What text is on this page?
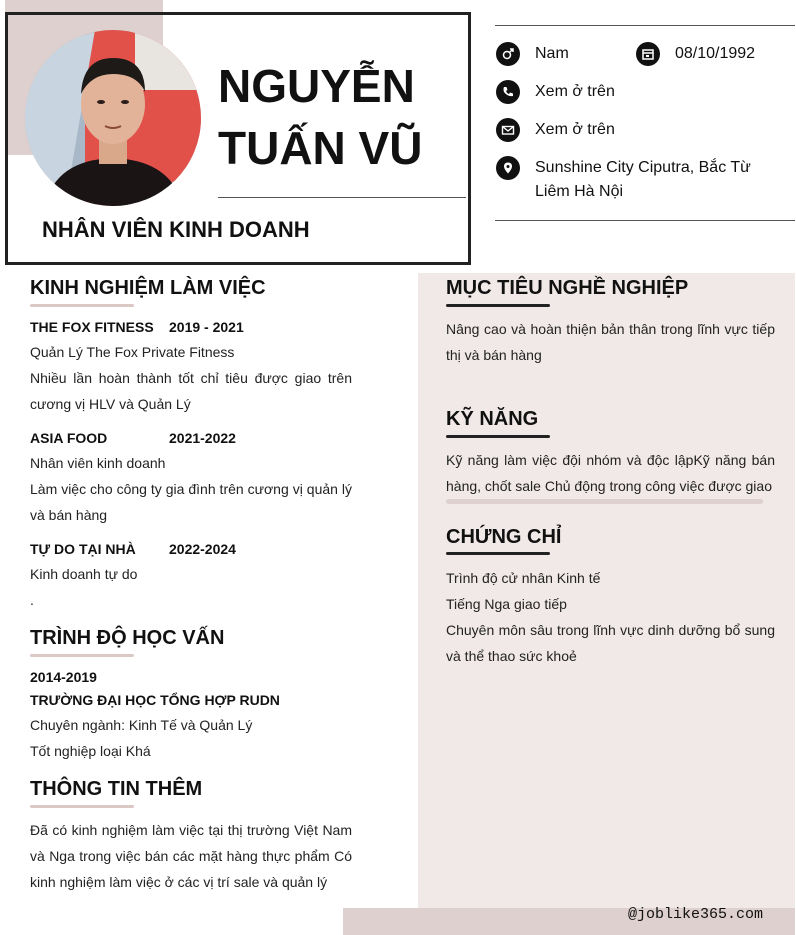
NGUYỄN
TUẤN VŨ
NHÂN VIÊN KINH DOANH
Nam	08/10/1992
Xem ở trên
Xem ở trên
Sunshine City Ciputra, Bắc Từ
Liêm Hà Nội
KINH NGHIỆM LÀM VIỆC
THE FOX FITNESS 2019 - 2021
Quản Lý The Fox Private Fitness
Nhiều lần hoàn thành tốt chỉ tiêu được giao trên cương vị HLV và Quản Lý
ASIA FOOD	2021-2022
Nhân viên kinh doanh
Làm việc cho công ty gia đình trên cương vị quản lý và bán hàng
TỰ DO TẠI NHÀ 2022-2024
Kinh doanh tự do
.
TRÌNH ĐỘ HỌC VẤN
2014-2019
TRƯỜNG ĐẠI HỌC TỔNG HỢP RUDN
Chuyên ngành: Kinh Tế và Quản Lý
Tốt nghiệp loại Khá
THÔNG TIN THÊM
Đã có kinh nghiệm làm việc tại thị trường Việt Nam và Nga trong việc bán các mặt hàng thực phẩm Có kinh nghiệm làm việc ở các vị trí sale và quản lý
MỤC TIÊU NGHỀ NGHIỆP
Nâng cao và hoàn thiện bản thân trong lĩnh vực tiếp thị và bán hàng
KỸ NĂNG
Kỹ năng làm việc đội nhóm và độc lậpKỹ năng bán hàng, chốt sale Chủ động trong công việc được giao
CHỨNG CHỈ
Trình độ cử nhân Kinh tế
Tiếng Nga giao tiếp
Chuyên môn sâu trong lĩnh vực dinh dưỡng bổ sung và thể thao sức khoẻ
@joblike365.com
